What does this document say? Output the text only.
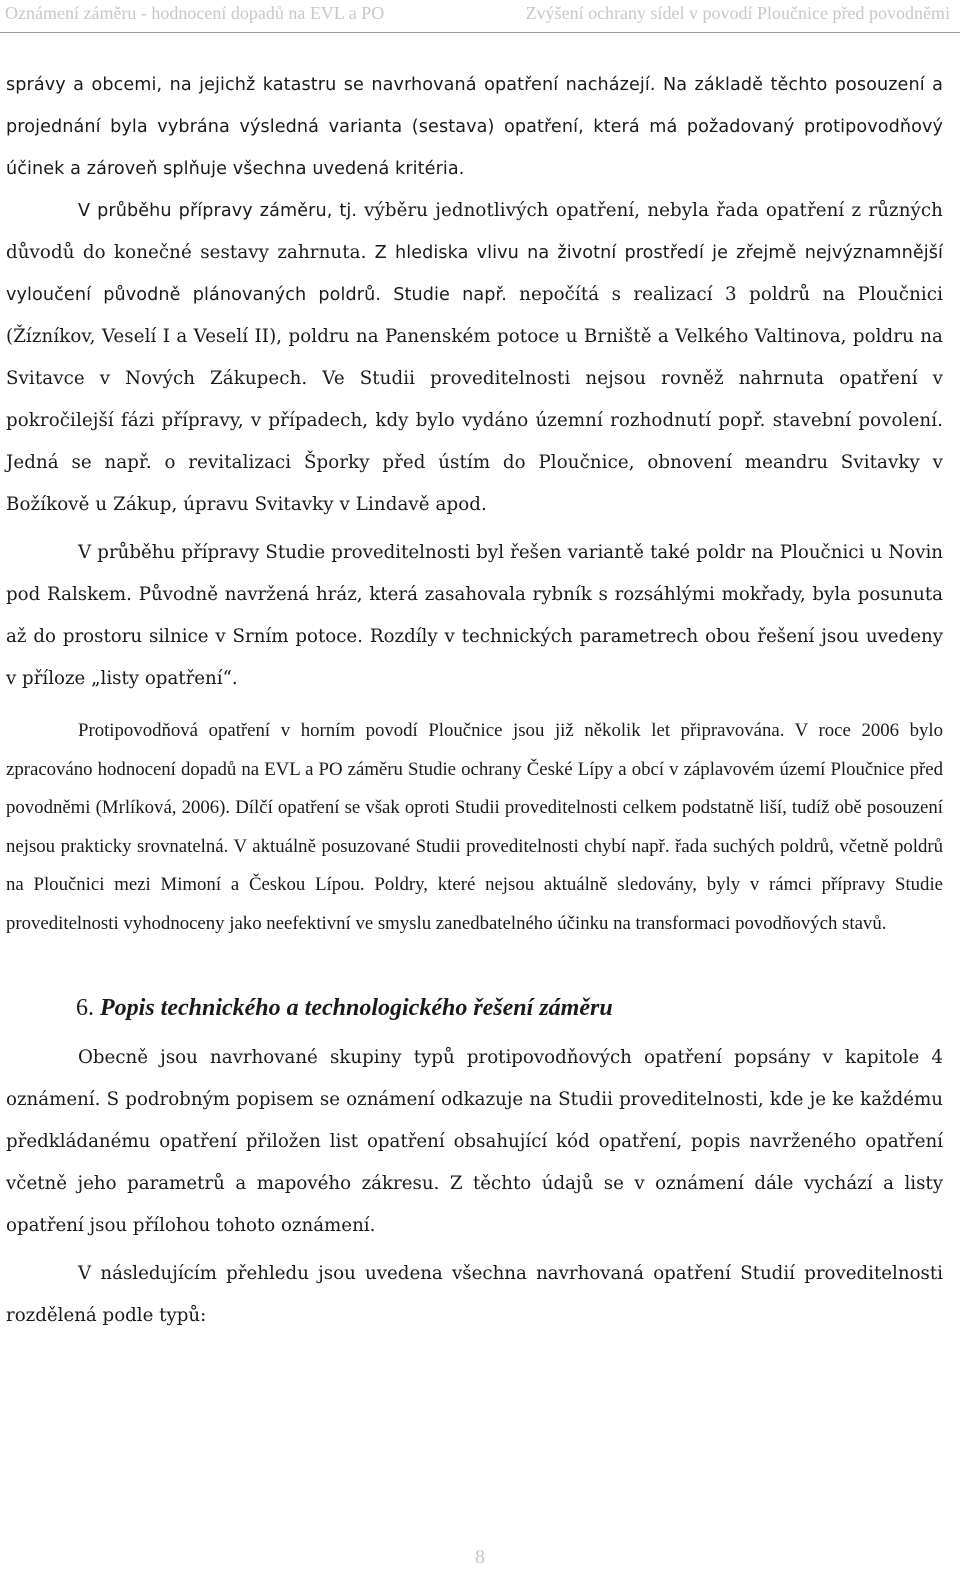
Oznámení záměru - hodnocení dopadů na EVL a PO	Zvýšení ochrany sídel v povodí Ploučnice před povodněmi

správy a obcemi, na jejichž katastru se navrhovaná opatření nacházejí. Na základě těchto posouzení a projednání byla vybrána výsledná varianta (sestava) opatření, která má požadovaný protipovodňový účinek a zároveň splňuje všechna uvedená kritéria.

V průběhu přípravy záměru, tj. výběru jednotlivých opatření, nebyla řada opatření z různých důvodů do konečné sestavy zahrnuta. Z hlediska vlivu na životní prostředí je zřejmě nejvýznamnější vyloučení původně plánovaných poldrů. Studie např. nepočítá s realizací 3 poldrů na Ploučnici (Žízníkov, Veselí I a Veselí II), poldru na Panenském potoce u Brniště a Velkého Valtinova, poldru na Svitavce v Nových Zákupech. Ve Studii proveditelnosti nejsou rovněž nahrnuta opatření v pokročilejší fázi přípravy, v případech, kdy bylo vydáno územní rozhodnutí popř. stavební povolení. Jedná se např. o revitalizaci Šporky před ústím do Ploučnice, obnovení meandru Svitavky v Božíkově u Zákup, úpravu Svitavky v Lindavě apod.

V průběhu přípravy Studie proveditelnosti byl řešen variantě také poldr na Ploučnici u Novin pod Ralskem. Původně navržená hráz, která zasahovala rybník s rozsáhlými mokřady, byla posunuta až do prostoru silnice v Srním potoce. Rozdíly v technických parametrech obou řešení jsou uvedeny v příloze „listy opatření“.

Protipovodňová opatření v horním povodí Ploučnice jsou již několik let připravována. V roce 2006 bylo zpracováno hodnocení dopadů na EVL a PO záměru Studie ochrany České Lípy a obcí v záplavovém území Ploučnice před povodněmi (Mrlíková, 2006). Dílčí opatření se však oproti Studii proveditelnosti celkem podstatně liší, tudíž obě posouzení nejsou prakticky srovnatelná. V aktuálně posuzované Studii proveditelnosti chybí např. řada suchých poldrů, včetně poldrů na Ploučnici mezi Mimoní a Českou Lípou. Poldry, které nejsou aktuálně sledovány, byly v rámci přípravy Studie proveditelnosti vyhodnoceny jako neefektivní ve smyslu zanedbatelného účinku na transformaci povodňových stavů.

6. Popis technického a technologického řešení záměru

Obecně jsou navrhované skupiny typů protipovodňových opatření popsány v kapitole 4 oznámení. S podrobným popisem se oznámení odkazuje na Studii proveditelnosti, kde je ke každému předkládanému opatření přiložen list opatření obsahující kód opatření, popis navrženého opatření včetně jeho parametrů a mapového zákresu. Z těchto údajů se v oznámení dále vychází a listy opatření jsou přílohou tohoto oznámení.

V následujícím přehledu jsou uvedena všechna navrhovaná opatření Studií proveditelnosti rozdělená podle typů:

8
